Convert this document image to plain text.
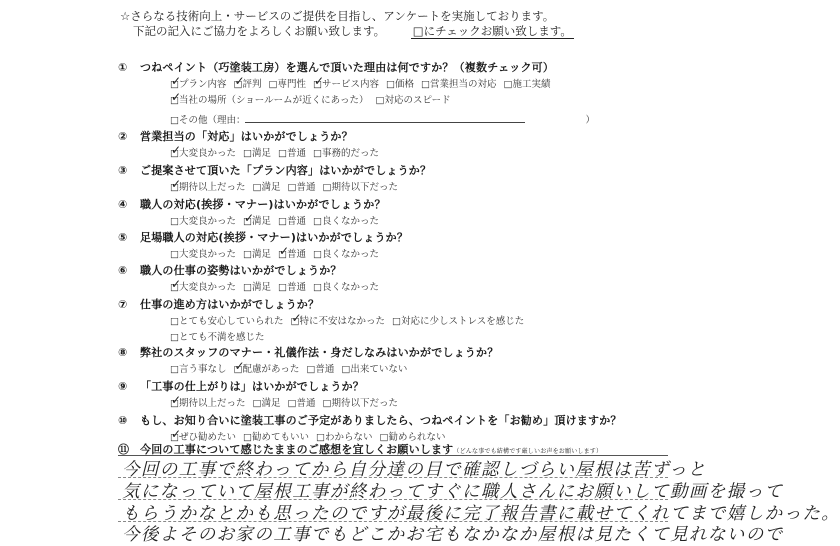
☆さらなる技術向上・サービスのご提供を目指し、アンケートを実施しております。
下記の記入にご協力をよろしくお願い致します。 □にチェックお願い致します。
① つねペイント（巧塗装工房）を選んで頂いた理由は何ですか？（複数チェック可）
□ ✓プラン内容 □ ✓評判 □専門性 □ ✓サービス内容 □価格 □営業担当の対応 □施工実績
□ ✓当社の場所（ショールームが近くにあった） □対応のスピード
□その他（理由：	）
② 営業担当の「対応」はいかがでしょうか？
□ ✓大変良かった □満足 □普通 □事務的だった
③ ご提案させて頂いた「プラン内容」はいかがでしょうか？
□ ✓期待以上だった □満足 □普通 □期待以下だった
④ 職人の対応(挨拶・マナー)はいかがでしょうか？
□大変良かった □ ✓満足 □普通 □良くなかった
⑤ 足場職人の対応(挨拶・マナー)はいかがでしょうか？
□大変良かった □満足 □ ✓普通 □良くなかった
⑥ 職人の仕事の姿勢はいかがでしょうか？
□ ✓大変良かった □満足 □普通 □良くなかった
⑦ 仕事の進め方はいかがでしょうか？
□とても安心していられた □ ✓特に不安はなかった □対応に少しストレスを感じた
□とても不満を感じた
⑧ 弊社のスタッフのマナー・礼儀作法・身だしなみはいかがでしょうか？
□言う事なし □ ✓配慮があった □普通 □出来ていない
⑨ 「工事の仕上がりは」はいかがでしょうか？
□ ✓期待以上だった □満足 □普通 □期待以下だった
⑩ もし、お知り合いに塗装工事のご予定がありましたら、つねペイントを「お勧め」頂けますか？
□ ✓ぜひ勧めたい □勧めてもいい □わからない □勧められない
⑪ 今回の工事について感じたままのご感想を宜しくお願いします（どんな事でも結構です厳しいお声をお願いします）
今回の工事で終わってから自分達の目で確認しづらい屋根は苦ずっと
気になっていて屋根工事が終わってすぐに職人さんにお願いして動画を撮って
もらうかなとかも思ったのですが最後に完了報告書に載せてくれてまで嬉しかった。
今後よそのお家の工事でもどこかお宅もなかなか屋根は見たくて見れないので
